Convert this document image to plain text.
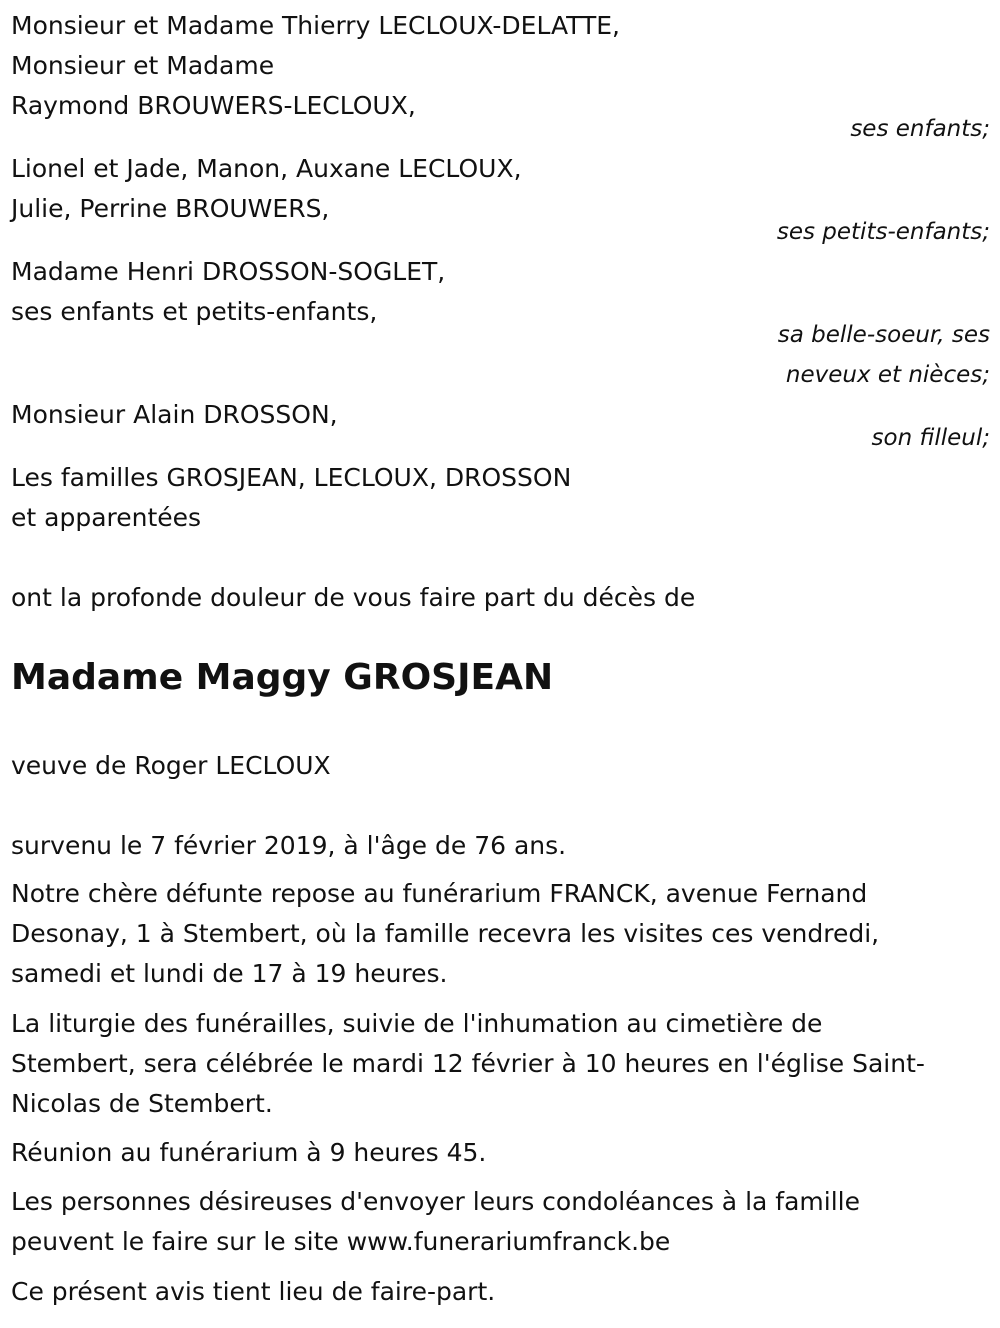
Monsieur et Madame Thierry LECLOUX-DELATTE,

Monsieur et Madame

Raymond BROUWERS-LECLOUX,

ses enfants;

Lionel et Jade, Manon, Auxane LECLOUX,

Julie, Perrine BROUWERS,

ses petits-enfants;

Madame Henri DROSSON-SOGLET,

ses enfants et petits-enfants,

sa belle-soeur, ses

neveux et nièces;

Monsieur Alain DROSSON,

son filleul;

Les familles GROSJEAN, LECLOUX, DROSSON

et apparentées

ont la profonde douleur de vous faire part du décès de

Madame Maggy GROSJEAN

veuve de Roger LECLOUX

survenu le 7 février 2019, à l'âge de 76 ans.

Notre chère défunte repose au funérarium FRANCK, avenue Fernand

Desonay, 1 à Stembert, où la famille recevra les visites ces vendredi,

samedi et lundi de 17 à 19 heures.

La liturgie des funérailles, suivie de l'inhumation au cimetière de

Stembert, sera célébrée le mardi 12 février à 10 heures en l'église Saint-

Nicolas de Stembert.

Réunion au funérarium à 9 heures 45.

Les personnes désireuses d'envoyer leurs condoléances à la famille

peuvent le faire sur le site www.funerariumfranck.be

Ce présent avis tient lieu de faire-part.
